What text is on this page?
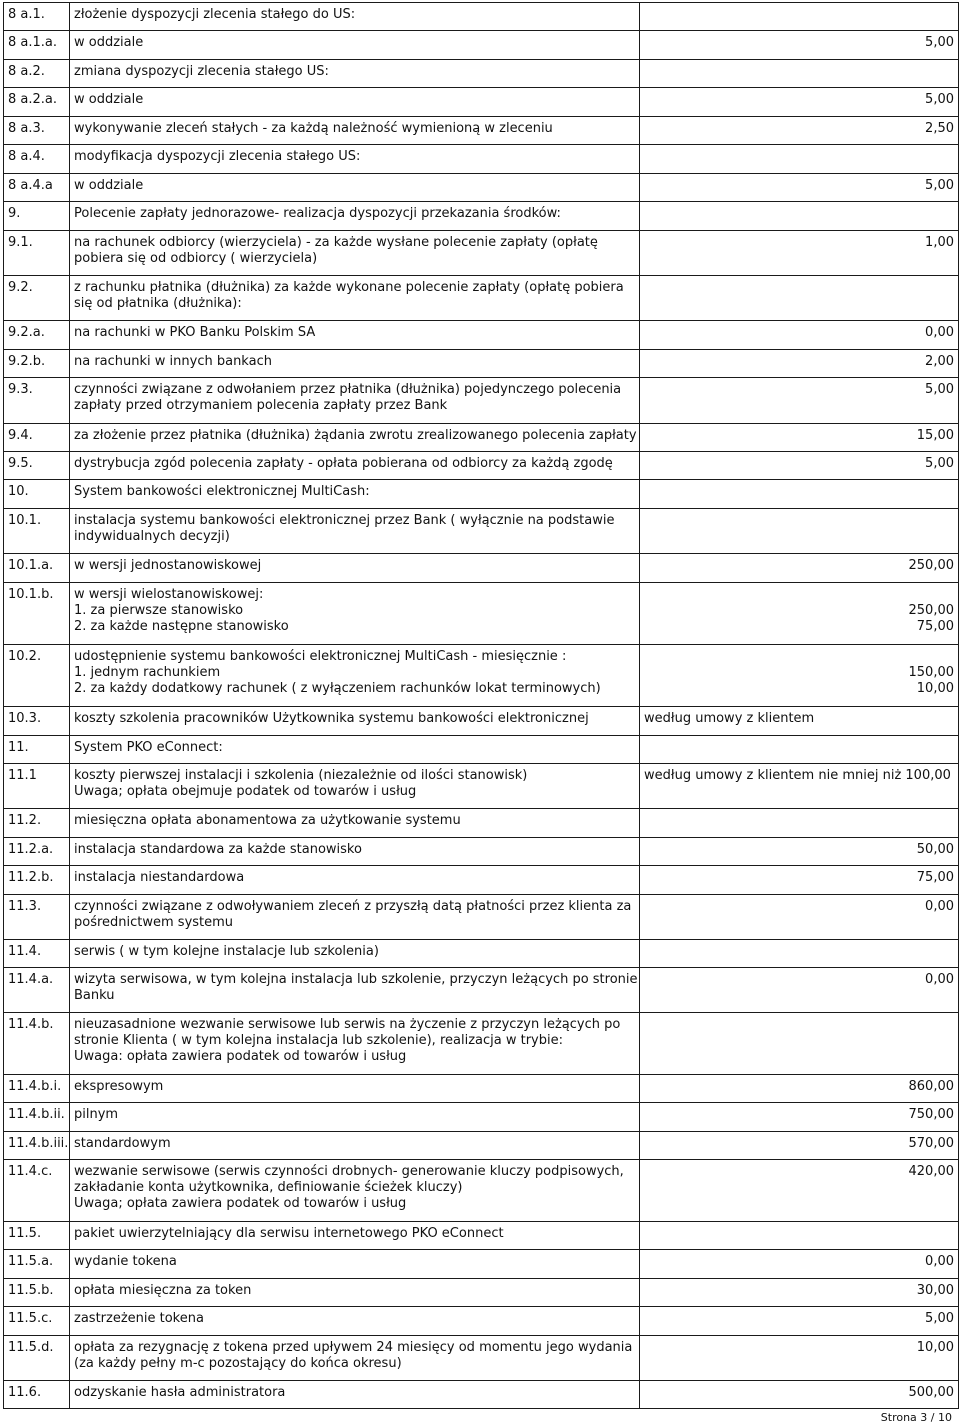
8 a.1.	złożenie dyspozycji zlecenia stałego do US:	

8 a.1.a.	w oddziale	5,00

8 a.2.	zmiana dyspozycji zlecenia stałego US:	

8 a.2.a.	w oddziale	5,00

8 a.3.	wykonywanie zleceń stałych - za każdą należność wymienioną w zleceniu	2,50

8 a.4.	modyfikacja dyspozycji zlecenia stałego US:	

8 a.4.a	w oddziale	5,00

9.	Polecenie zapłaty jednorazowe- realizacja dyspozycji przekazania środków:	

9.1.	na rachunek odbiorcy (wierzyciela) - za każde wysłane polecenie zapłaty (opłatę
pobiera się od odbiorcy ( wierzyciela)	1,00

9.2.	z rachunku płatnika (dłużnika) za każde wykonane polecenie zapłaty (opłatę pobiera
się od płatnika (dłużnika):	

9.2.a.	na rachunki w PKO Banku Polskim SA	0,00

9.2.b.	na rachunki w innych bankach	2,00

9.3.	czynności związane z odwołaniem przez płatnika (dłużnika) pojedynczego polecenia
zapłaty przed otrzymaniem polecenia zapłaty przez Bank	5,00

9.4.	za złożenie przez płatnika (dłużnika) żądania zwrotu zrealizowanego polecenia zapłaty	15,00

9.5.	dystrybucja zgód polecenia zapłaty - opłata pobierana od odbiorcy za każdą zgodę	5,00

10.	System bankowości elektronicznej MultiCash:	

10.1.	instalacja systemu bankowości elektronicznej przez Bank ( wyłącznie na podstawie
indywidualnych decyzji)	

10.1.a.	w wersji jednostanowiskowej	250,00

10.1.b.	w wersji wielostanowiskowej:
1. za pierwsze stanowisko
2. za każde następne stanowisko	250,00
75,00

10.2.	udostępnienie systemu bankowości elektronicznej MultiCash - miesięcznie :
1. jednym rachunkiem
2. za każdy dodatkowy rachunek ( z wyłączeniem rachunków lokat terminowych)	150,00
10,00

10.3.	koszty szkolenia pracowników Użytkownika systemu bankowości elektronicznej	według umowy z klientem

11.	System PKO eConnect:	

11.1	koszty pierwszej instalacji i szkolenia (niezależnie od ilości stanowisk)
Uwaga; opłata obejmuje podatek od towarów i usług	według umowy z klientem nie mniej niż 100,00

11.2.	miesięczna opłata abonamentowa za użytkowanie systemu	

11.2.a.	instalacja standardowa za każde stanowisko	50,00

11.2.b.	instalacja niestandardowa	75,00

11.3.	czynności związane z odwoływaniem zleceń z przyszłą datą płatności przez klienta za
pośrednictwem systemu	0,00

11.4.	serwis ( w tym kolejne instalacje lub szkolenia)	

11.4.a.	wizyta serwisowa, w tym kolejna instalacja lub szkolenie, przyczyn leżących po stronie
Banku	0,00

11.4.b.	nieuzasadnione wezwanie serwisowe lub serwis na życzenie z przyczyn leżących po
stronie Klienta ( w tym kolejna instalacja lub szkolenie), realizacja w trybie:
Uwaga: opłata zawiera podatek od towarów i usług	

11.4.b.i.	ekspresowym	860,00

11.4.b.ii.	pilnym	750,00

11.4.b.iii.	standardowym	570,00

11.4.c.	wezwanie serwisowe (serwis czynności drobnych- generowanie kluczy podpisowych,
zakładanie konta użytkownika, definiowanie ścieżek kluczy)
Uwaga; opłata zawiera podatek od towarów i usług	420,00

11.5.	pakiet uwierzytelniający dla serwisu internetowego PKO eConnect	

11.5.a.	wydanie tokena	0,00

11.5.b.	opłata miesięczna za token	30,00

11.5.c.	zastrzeżenie tokena	5,00

11.5.d.	opłata za rezygnację z tokena przed upływem 24 miesięcy od momentu jego wydania
(za każdy pełny m-c pozostający do końca okresu)	10,00

11.6.	odzyskanie hasła administratora	500,00
Strona 3 / 10
